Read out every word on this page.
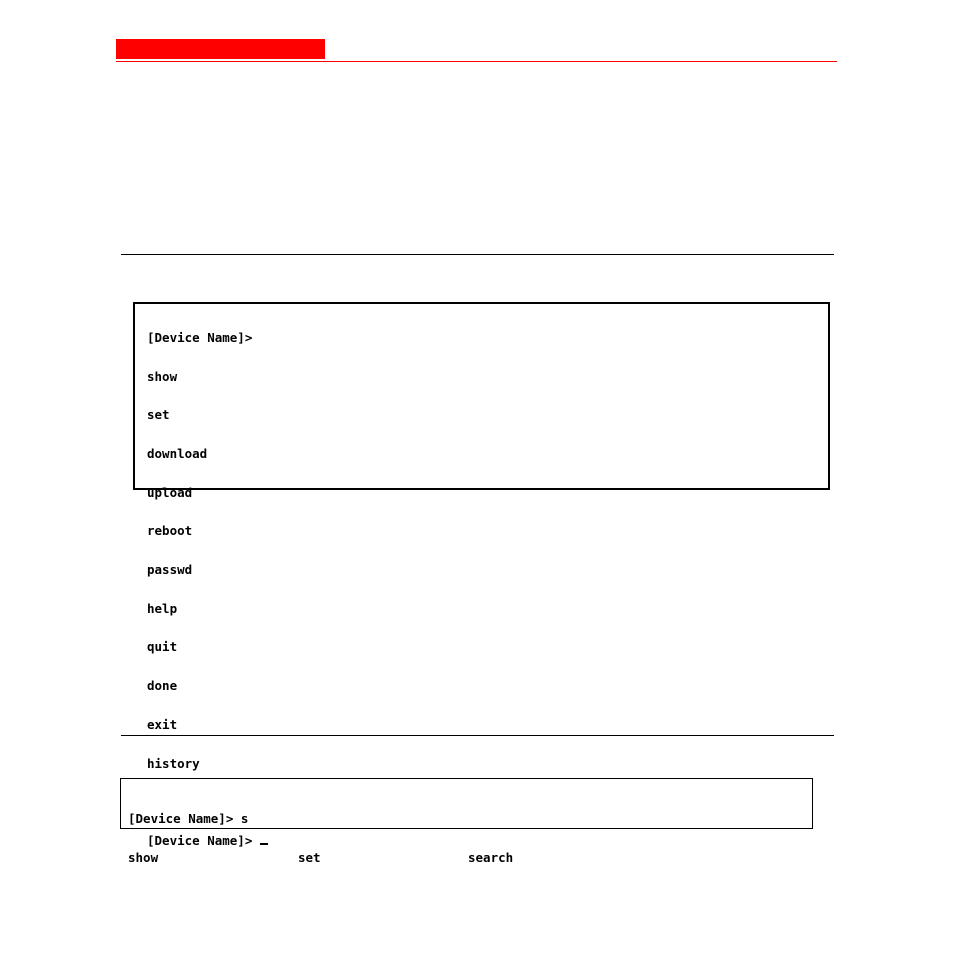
[Device Name]>

show

set

download

upload

reboot

passwd

help

quit

done

exit

history

[Device Name]>

[Device Name]> s

show	set	search
